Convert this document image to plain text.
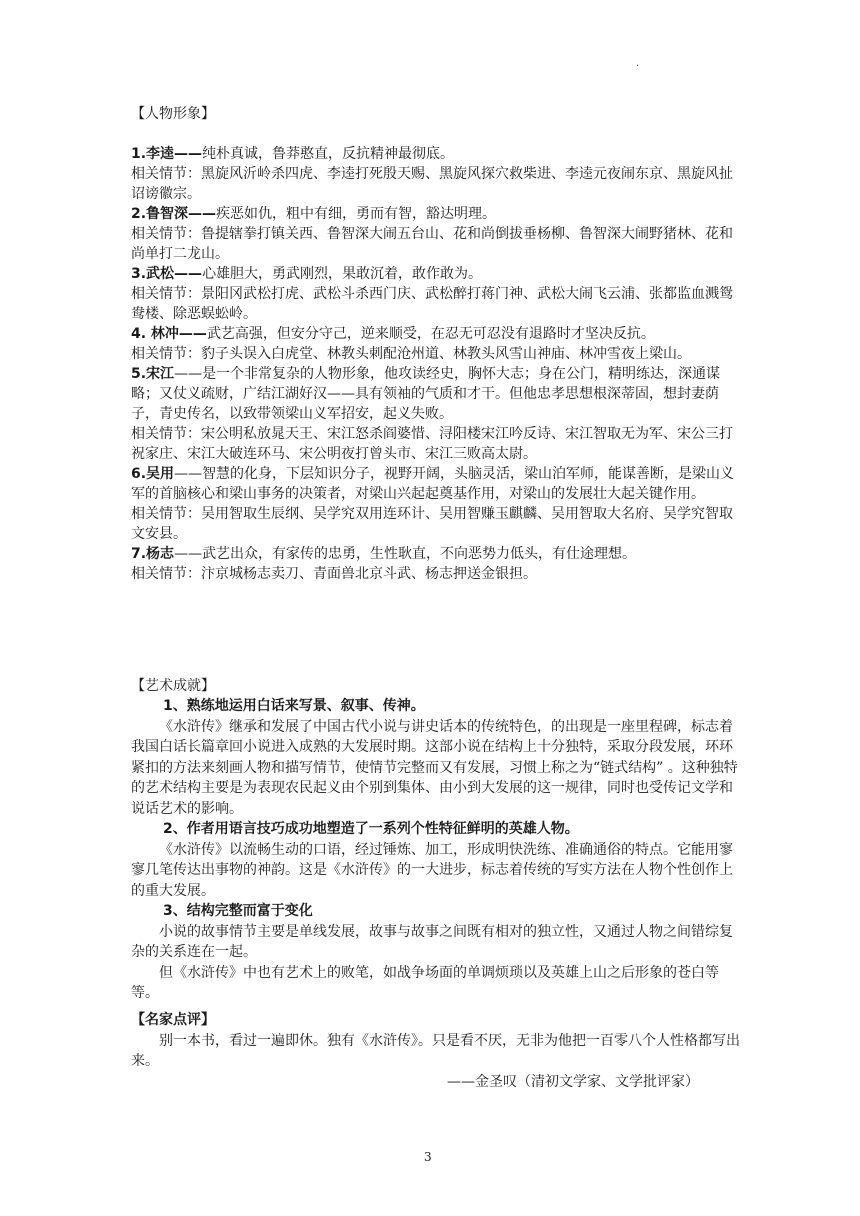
.
【人物形象】

1.李逵——纯朴真诚，鲁莽憨直，反抗精神最彻底。

相关情节：黑旋风沂岭杀四虎、李逵打死殷天赐、黑旋风探穴救柴进、李逵元夜闹东京、黑旋风扯诏谤徽宗。

2.鲁智深——疾恶如仇，粗中有细，勇而有智，豁达明理。

相关情节：鲁提辖拳打镇关西、鲁智深大闹五台山、花和尚倒拔垂杨柳、鲁智深大闹野猪林、花和尚单打二龙山。

3.武松——心雄胆大，勇武刚烈，果敢沉着，敢作敢为。

相关情节：景阳冈武松打虎、武松斗杀西门庆、武松醉打蒋门神、武松大闹飞云浦、张都监血溅鸳鸯楼、除恶蜈蚣岭。

4. 林冲——武艺高强，但安分守己，逆来顺受，在忍无可忍没有退路时才坚决反抗。

相关情节：豹子头误入白虎堂、林教头刺配沧州道、林教头风雪山神庙、林冲雪夜上梁山。

5.宋江——是一个非常复杂的人物形象，他攻读经史，胸怀大志；身在公门，精明练达，深通谋略；又仗义疏财，广结江湖好汉——具有领袖的气质和才干。但他忠孝思想根深蒂固，想封妻荫子，青史传名，以致带领梁山义军招安，起义失败。

相关情节：宋公明私放晁天王、宋江怒杀阎婆惜、浔阳楼宋江吟反诗、宋江智取无为军、宋公三打祝家庄、宋江大破连环马、宋公明夜打曾头市、宋江三败高太尉。

6.吴用——智慧的化身，下层知识分子，视野开阔，头脑灵活，梁山泊军师，能谋善断，是梁山义军的首脑核心和梁山事务的决策者，对梁山兴起起奠基作用，对梁山的发展壮大起关键作用。

相关情节：吴用智取生辰纲、吴学究双用连环计、吴用智赚玉麒麟、吴用智取大名府、吴学究智取文安县。

7.杨志——武艺出众，有家传的忠勇，生性耿直，不向恶势力低头，有仕途理想。

相关情节：汴京城杨志卖刀、青面兽北京斗武、杨志押送金银担。

【艺术成就】

1、熟练地运用白话来写景、叙事、传神。

《水浒传》继承和发展了中国古代小说与讲史话本的传统特色，的出现是一座里程碑，标志着我国白话长篇章回小说进入成熟的大发展时期。这部小说在结构上十分独特，采取分段发展，环环紧扣的方法来刻画人物和描写情节，使情节完整而又有发展，习惯上称之为“链式结构” 。这种独特的艺术结构主要是为表现农民起义由个别到集体、由小到大发展的这一规律，同时也受传记文学和说话艺术的影响。

2、作者用语言技巧成功地塑造了一系列个性特征鲜明的英雄人物。

《水浒传》以流畅生动的口语，经过锤炼、加工，形成明快洗练、准确通俗的特点。它能用寥寥几笔传达出事物的神韵。这是《水浒传》的一大进步，标志着传统的写实方法在人物个性创作上的重大发展。

3、结构完整而富于变化

小说的故事情节主要是单线发展，故事与故事之间既有相对的独立性，又通过人物之间错综复杂的关系连在一起。

但《水浒传》中也有艺术上的败笔，如战争场面的单调烦琐以及英雄上山之后形象的苍白等等。

【名家点评】

别一本书，看过一遍即休。独有《水浒传》。只是看不厌，无非为他把一百零八个人性格都写出来。

——金圣叹（清初文学家、文学批评家）

3
